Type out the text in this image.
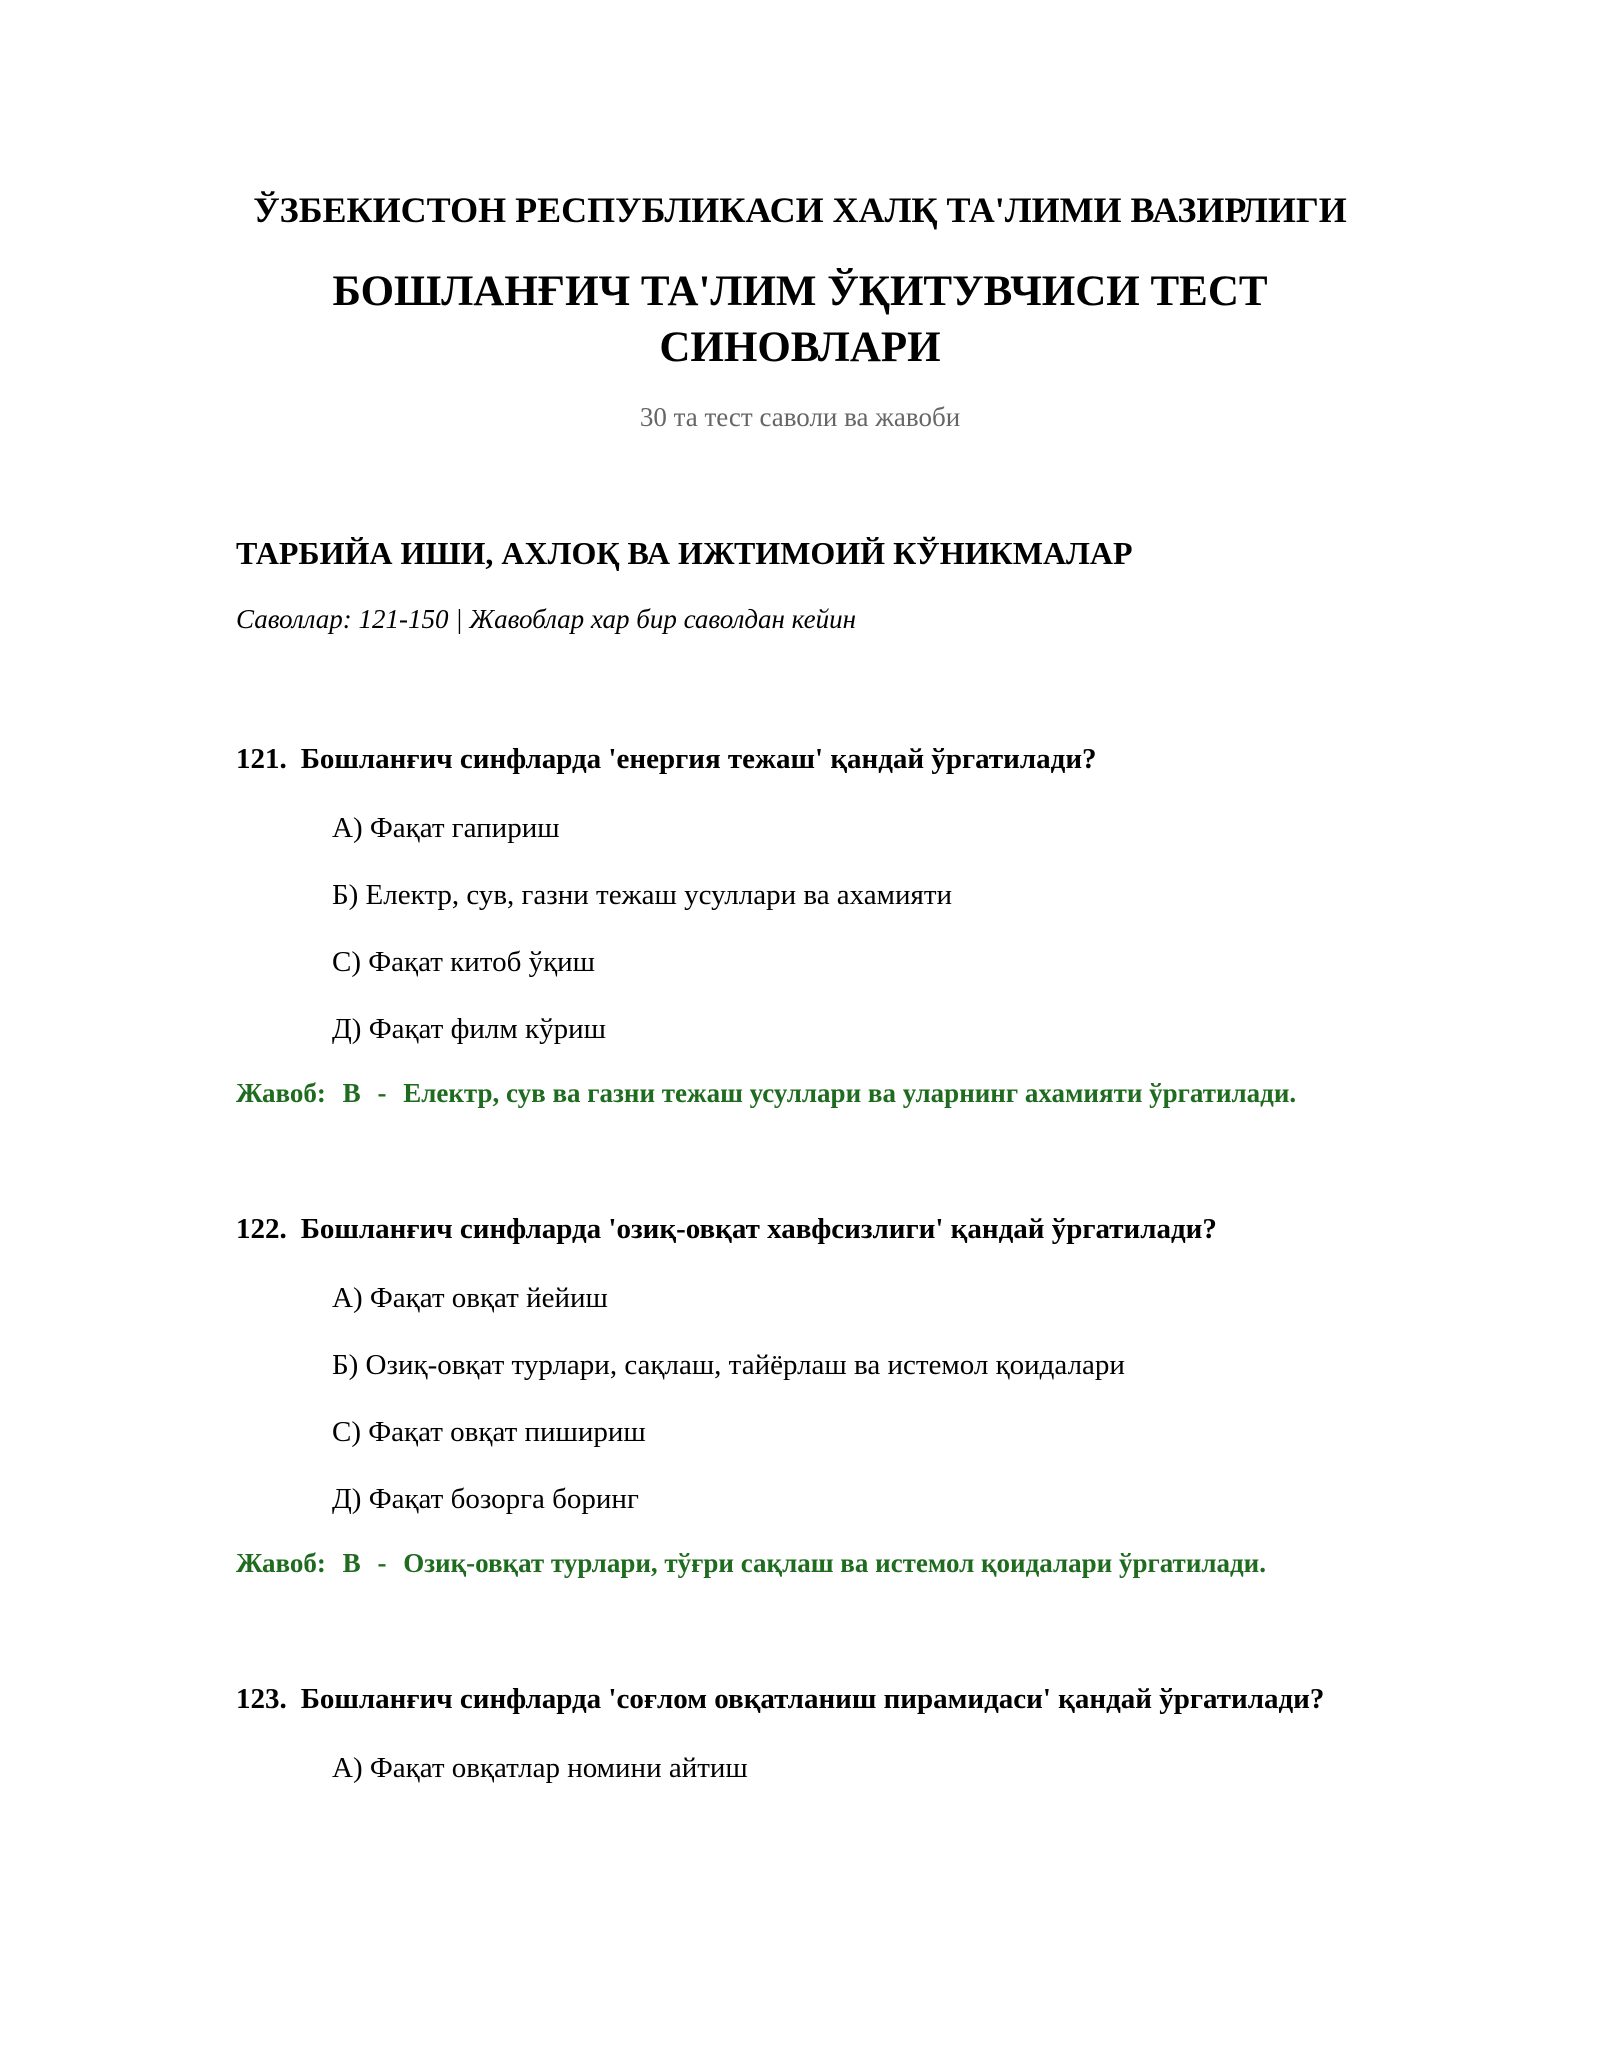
ЎЗБЕКИСТОН РЕСПУБЛИКАСИ ХАЛҚ ТА'ЛИМИ ВАЗИРЛИГИ
БОШЛАНҒИЧ ТА'ЛИМ ЎҚИТУВЧИСИ ТЕСТ
СИНОВЛАРИ
30 та тест саволи ва жавоби
ТАРБИЙА ИШИ, АХЛОҚ ВА ИЖТИМОИЙ КЎНИКМАЛАР
Саволлар: 121-150 | Жавоблар хар бир саволдан кейин

121. Бошланғич синфларда 'енергия тежаш' қандай ўргатилади?

А) Фақат гапириш
Б) Електр, сув, газни тежаш усуллари ва ахамияти
С) Фақат китоб ўқиш
Д) Фақат филм кўриш
Жавоб: B - Електр, сув ва газни тежаш усуллари ва уларнинг ахамияти ўргатилади.

122. Бошланғич синфларда 'озиқ-овқат хавфсизлиги' қандай ўргатилади?

А) Фақат овқат йейиш
Б) Озиқ-овқат турлари, сақлаш, тайёрлаш ва истемол қоидалари
С) Фақат овқат пишириш
Д) Фақат бозорга боринг
Жавоб: B - Озиқ-овқат турлари, тўғри сақлаш ва истемол қоидалари ўргатилади.

123. Бошланғич синфларда 'соғлом овқатланиш пирамидаси' қандай ўргатилади?

А) Фақат овқатлар номини айтиш
